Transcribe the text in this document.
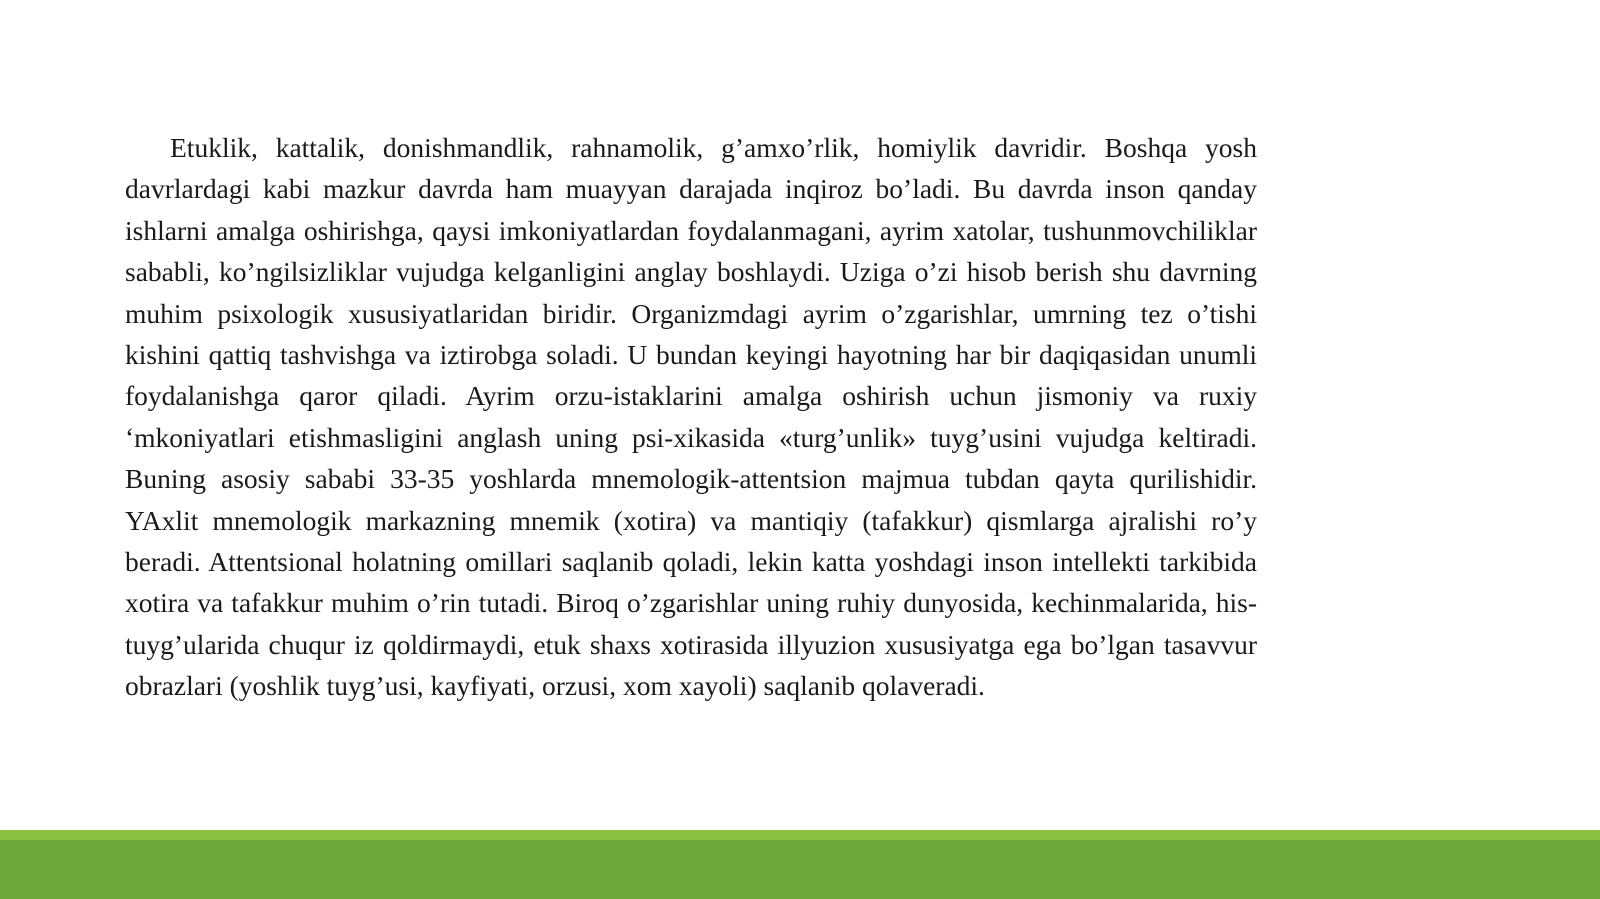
Etuklik, kattalik, donishmandlik, rahnamolik, g’amxo’rlik, homiylik davridir. Boshqa yosh davrlardagi kabi mazkur davrda ham muayyan darajada inqiroz bo’ladi. Bu davrda inson qanday ishlarni amalga oshirishga, qaysi imkoniyatlardan foydalanmagani, ayrim xatolar, tushunmovchiliklar sababli, ko’ngilsizliklar vujudga kelganligini anglay boshlaydi. Uziga o’zi hisob berish shu davrning muhim psixologik xususiyatlaridan biridir. Organizmdagi ayrim o’zgarishlar, umrning tez o’tishi kishini qattiq tashvishga va iztirobga soladi. U bundan keyingi hayotning har bir daqiqasidan unumli foydalanishga qaror qiladi. Ayrim orzu-istaklarini amalga oshirish uchun jismoniy va ruxiy ‘mkoniyatlari etishmasligini anglash uning psi-xikasida «turg’unlik» tuyg’usini vujudga keltiradi. Buning asosiy sababi 33-35 yoshlarda mnemologik-attentsion majmua tubdan qayta qurilishidir. YAxlit mnemologik markazning mnemik (xotira) va mantiqiy (tafakkur) qismlarga ajralishi ro’y beradi. Attentsional holatning omillari saqlanib qoladi, lekin katta yoshdagi inson intellekti tarkibida xotira va tafakkur muhim o’rin tutadi. Biroq o’zgarishlar uning ruhiy dunyosida, kechinmalarida, his-tuyg’ularida chuqur iz qoldirmaydi, etuk shaxs xotirasida illyuzion xususiyatga ega bo’lgan tasavvur obrazlari (yoshlik tuyg’usi, kayfiyati, orzusi, xom xayoli) saqlanib qolaveradi.
